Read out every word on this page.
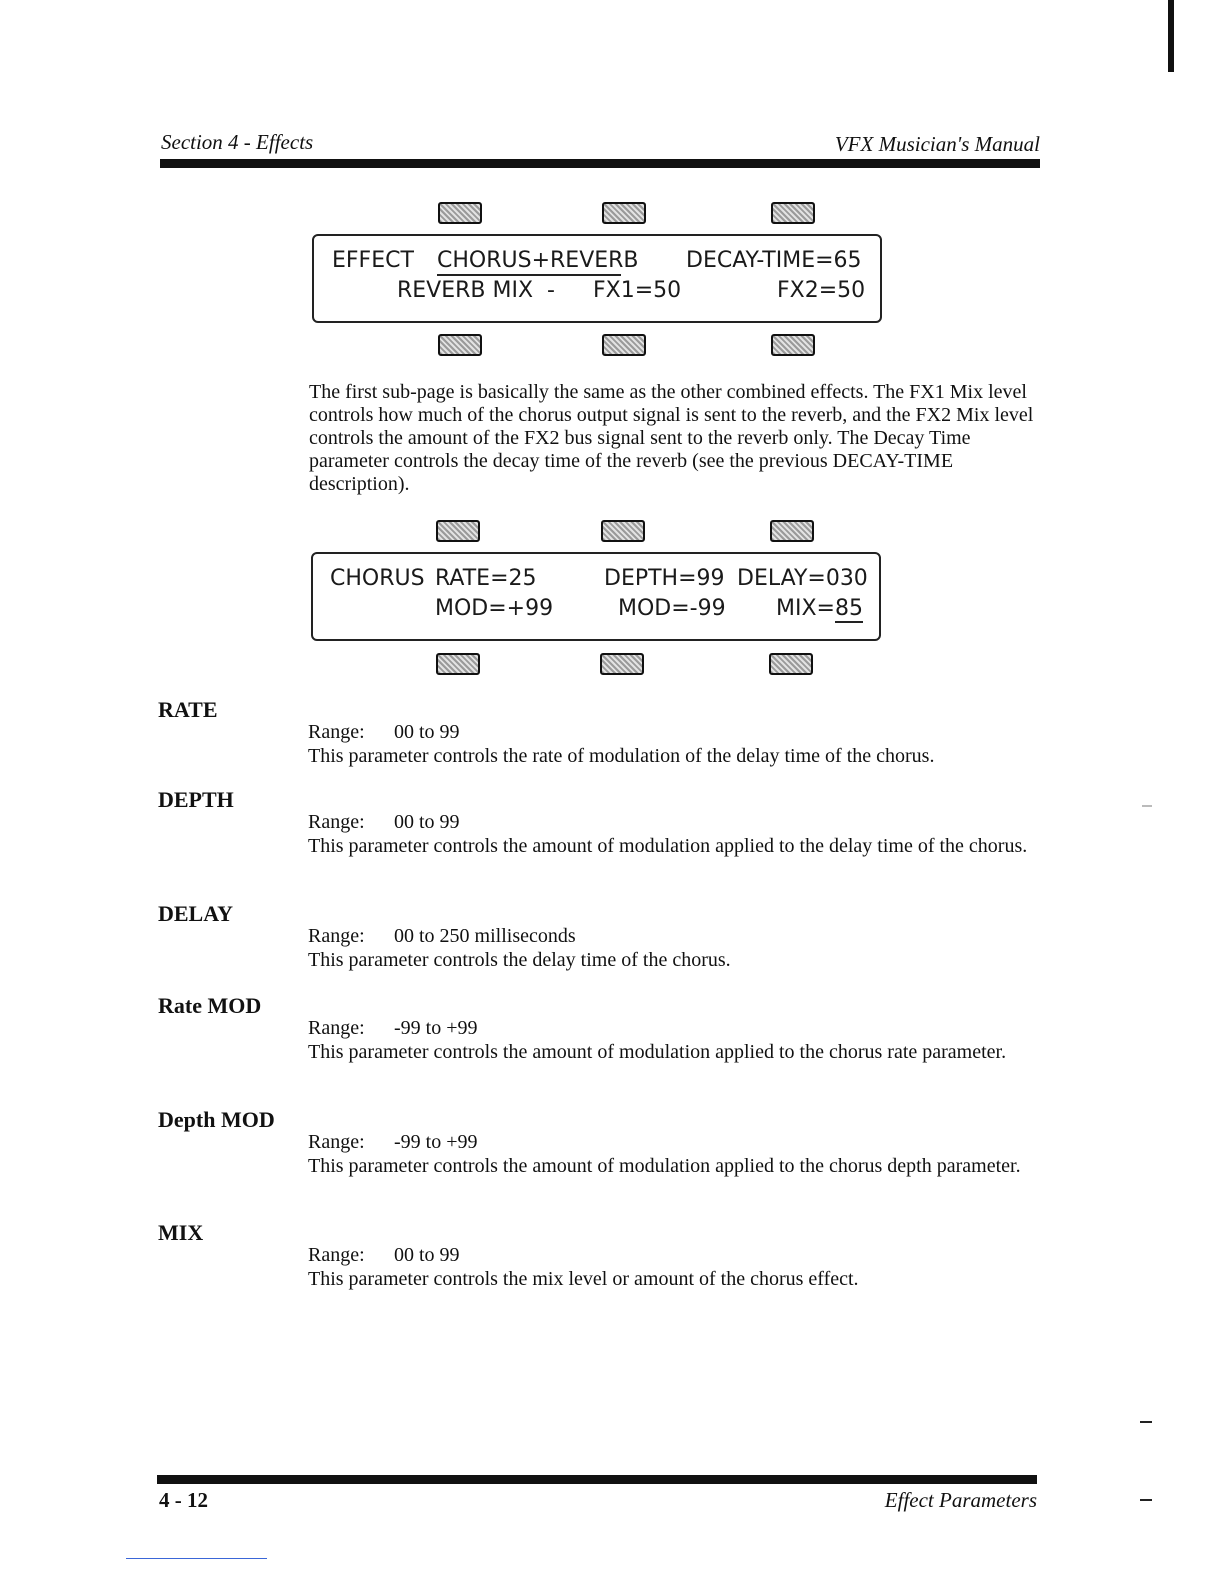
Section 4 - Effects	VFX Musician's Manual
EFFECT CHORUS+REVERB DECAY-TIME=65
REVERB MIX  - FX1=50	FX2=50
The first sub-page is basically the same as the other combined effects. The FX1 Mix level controls how much of the chorus output signal is sent to the reverb, and the FX2 Mix level controls the amount of the FX2 bus signal sent to the reverb only. The Decay Time parameter controls the decay time of the reverb (see the previous DECAY-TIME description).
CHORUS RATE=25	DEPTH=99 DELAY=030
MOD=+99	MOD=-99 MIX=85
RATE
Range: 00 to 99
This parameter controls the rate of modulation of the delay time of the chorus.
DEPTH
Range: 00 to 99
This parameter controls the amount of modulation applied to the delay time of the chorus.
DELAY
Range: 00 to 250 milliseconds
This parameter controls the delay time of the chorus.
Rate MOD
Range: -99 to +99
This parameter controls the amount of modulation applied to the chorus rate parameter.
Depth MOD
Range: -99 to +99
This parameter controls the amount of modulation applied to the chorus depth parameter.
MIX
Range: 00 to 99
This parameter controls the mix level or amount of the chorus effect.
4 - 12	Effect Parameters
